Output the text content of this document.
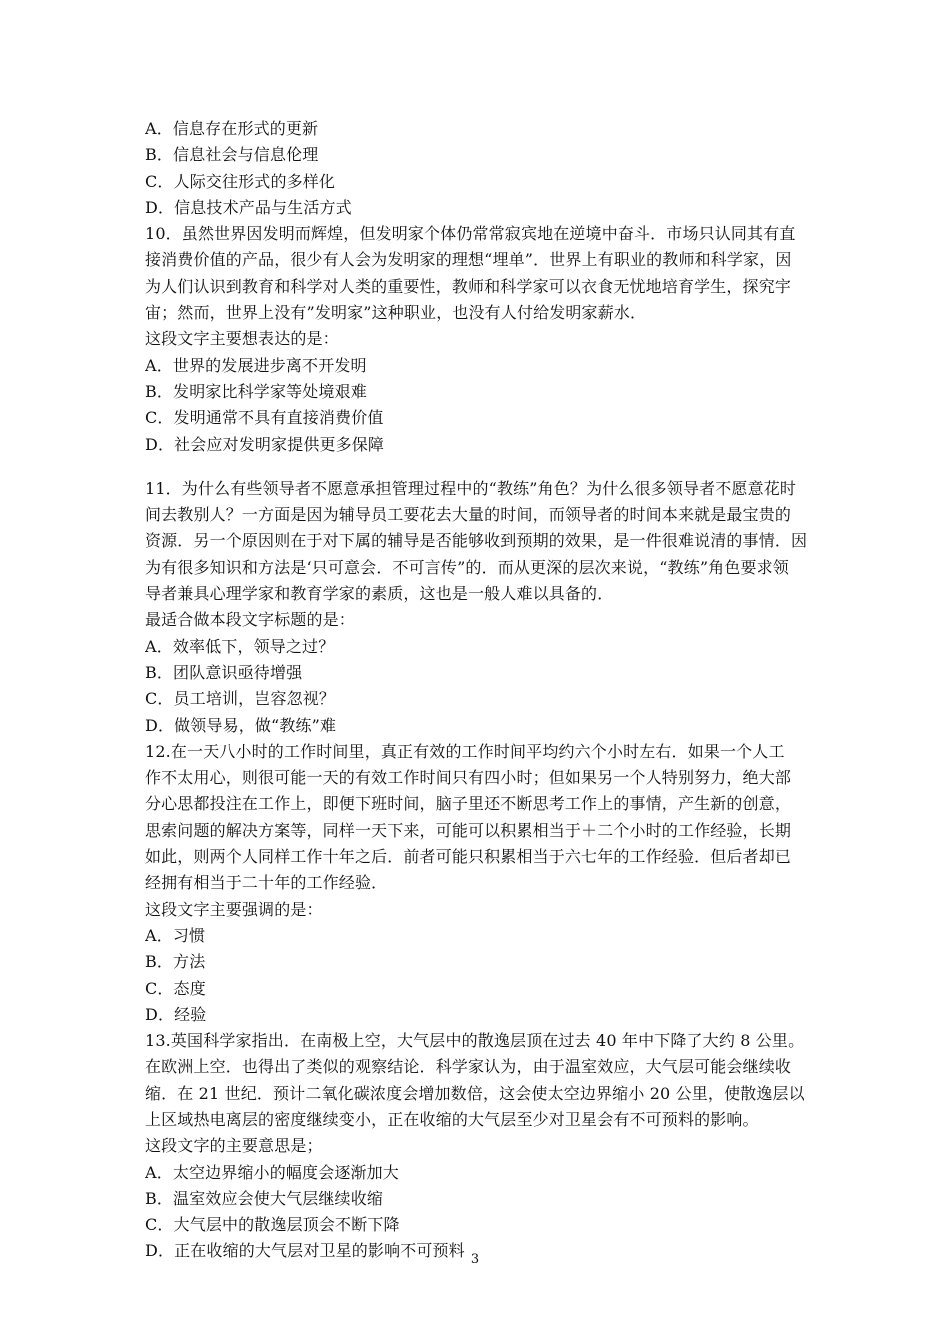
A．信息存在形式的更新
B．信息社会与信息伦理
C．人际交往形式的多样化
D．信息技术产品与生活方式
10．虽然世界因发明而辉煌，但发明家个体仍常常寂宾地在逆境中奋斗．市场只认同其有直
接消费价值的产品，很少有人会为发明家的理想“埋单”．世界上有职业的教师和科学家，因
为人们认识到教育和科学对人类的重要性，教师和科学家可以衣食无忧地培育学生，探究宇
宙；然而，世界上没有”发明家”这种职业，也没有人付给发明家薪水．
这段文字主要想表达的是：
A．世界的发展进步离不开发明
B．发明家比科学家等处境艰难
C．发明通常不具有直接消费价值
D．社会应对发明家提供更多保障
11．为什么有些领导者不愿意承担管理过程中的“教练”角色？为什么很多领导者不愿意花时
间去教别人？一方面是因为辅导员工要花去大量的时间，而领导者的时间本来就是最宝贵的
资源．另一个原因则在于对下属的辅导是否能够收到预期的效果，是一件很难说清的事情．因
为有很多知识和方法是‘只可意会．不可言传”的．而从更深的层次来说，“教练”角色要求领
导者兼具心理学家和教育学家的素质，这也是一般人难以具备的．
最适合做本段文字标题的是：
A．效率低下，领导之过？
B．团队意识亟待增强
C．员工培训，岂容忽视？
D．做领导易，做“教练”难
12.在一天八小时的工作时间里，真正有效的工作时间平均约六个小时左右．如果一个人工
作不太用心，则很可能一天的有效工作时间只有四小时；但如果另一个人特别努力，绝大部
分心思都投注在工作上，即便下班时间，脑子里还不断思考工作上的事情，产生新的创意，
思索问题的解决方案等，同样一天下来，可能可以积累相当于＋二个小时的工作经验，长期
如此，则两个人同样工作十年之后．前者可能只积累相当于六七年的工作经验．但后者却已
经拥有相当于二十年的工作经验．
这段文字主要强调的是：
A．习惯
B．方法
C．态度
D．经验
13.英国科学家指出．在南极上空，大气层中的散逸层顶在过去 40 年中下降了大约 8 公里。
在欧洲上空．也得出了类似的观察结论．科学家认为，由于温室效应，大气层可能会继续收
缩．在 21 世纪．预计二氧化碳浓度会增加数倍，这会使太空边界缩小 20 公里，使散逸层以
上区域热电离层的密度继续变小，正在收缩的大气层至少对卫星会有不可预料的影响。
这段文字的主要意思是；
A．太空边界缩小的幅度会逐渐加大
B．温室效应会使大气层继续收缩
C．大气层中的散逸层顶会不断下降
D．正在收缩的大气层对卫星的影响不可预料 3
